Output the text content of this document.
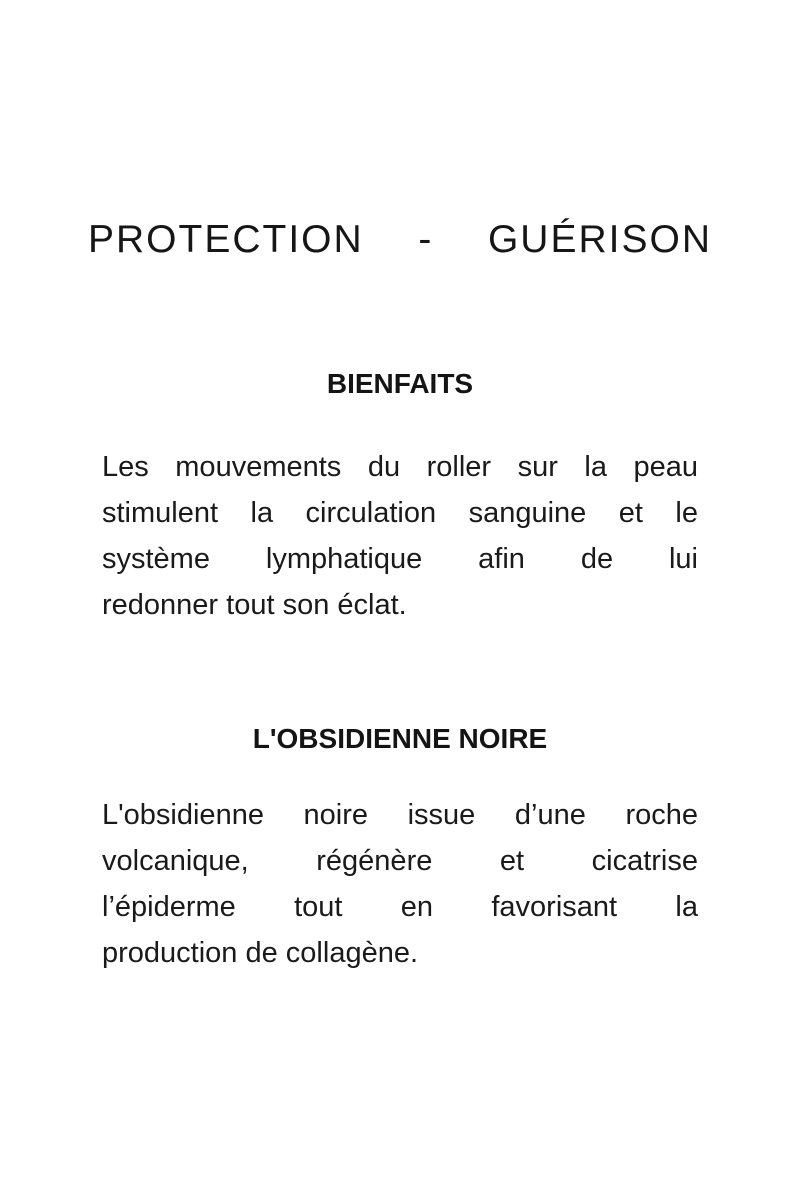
PROTECTION - GUÉRISON
BIENFAITS
Les mouvements du roller sur la peau
stimulent la circulation sanguine et le
système lymphatique afin de lui
redonner tout son éclat.
L'OBSIDIENNE NOIRE
L'obsidienne noire issue d’une roche
volcanique, régénère et cicatrise
l’épiderme tout en favorisant la
production de collagène.
